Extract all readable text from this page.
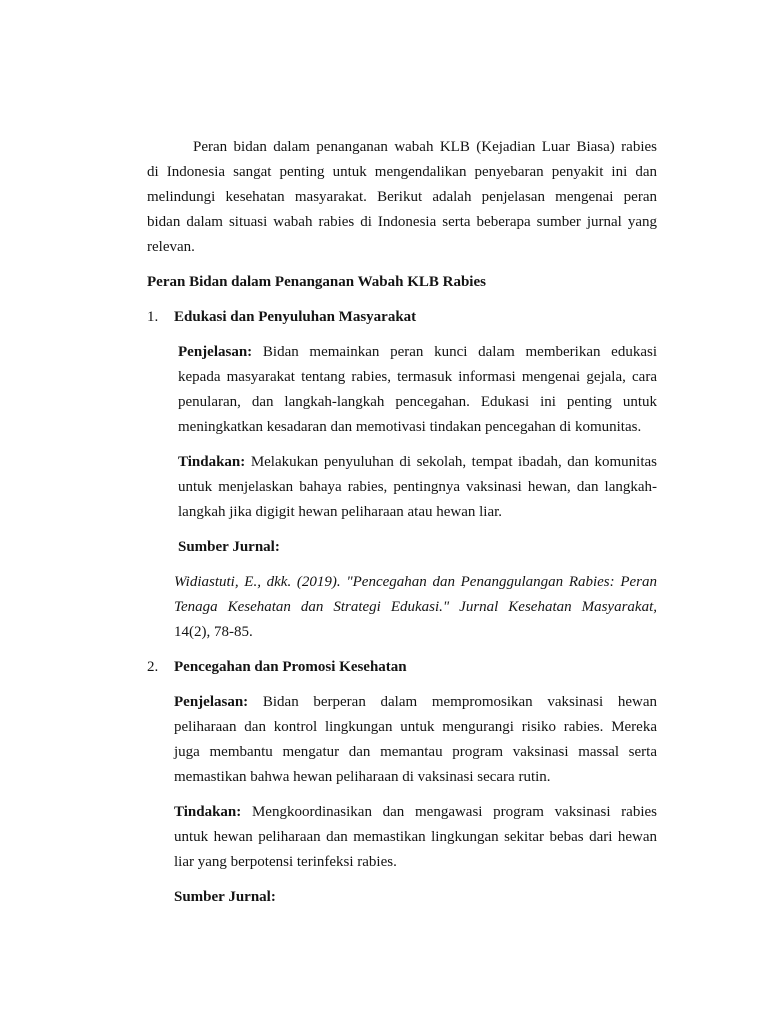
Peran bidan dalam penanganan wabah KLB (Kejadian Luar Biasa) rabies
di Indonesia sangat penting untuk mengendalikan penyebaran penyakit ini dan
melindungi kesehatan masyarakat. Berikut adalah penjelasan mengenai peran
bidan dalam situasi wabah rabies di Indonesia serta beberapa sumber jurnal yang
relevan.
Peran Bidan dalam Penanganan Wabah KLB Rabies
1. Edukasi dan Penyuluhan Masyarakat
Penjelasan: Bidan memainkan peran kunci dalam memberikan edukasi
kepada masyarakat tentang rabies, termasuk informasi mengenai gejala, cara
penularan, dan langkah-langkah pencegahan. Edukasi ini penting untuk
meningkatkan kesadaran dan memotivasi tindakan pencegahan di komunitas.
Tindakan: Melakukan penyuluhan di sekolah, tempat ibadah, dan komunitas
untuk menjelaskan bahaya rabies, pentingnya vaksinasi hewan, dan langkah-
langkah jika digigit hewan peliharaan atau hewan liar.
Sumber Jurnal:
Widiastuti, E., dkk. (2019). "Pencegahan dan Penanggulangan Rabies: Peran
Tenaga Kesehatan dan Strategi Edukasi." Jurnal Kesehatan Masyarakat,
14(2), 78-85.
2. Pencegahan dan Promosi Kesehatan
Penjelasan: Bidan berperan dalam mempromosikan vaksinasi hewan
peliharaan dan kontrol lingkungan untuk mengurangi risiko rabies. Mereka
juga membantu mengatur dan memantau program vaksinasi massal serta
memastikan bahwa hewan peliharaan di vaksinasi secara rutin.
Tindakan: Mengkoordinasikan dan mengawasi program vaksinasi rabies
untuk hewan peliharaan dan memastikan lingkungan sekitar bebas dari hewan
liar yang berpotensi terinfeksi rabies.
Sumber Jurnal:
